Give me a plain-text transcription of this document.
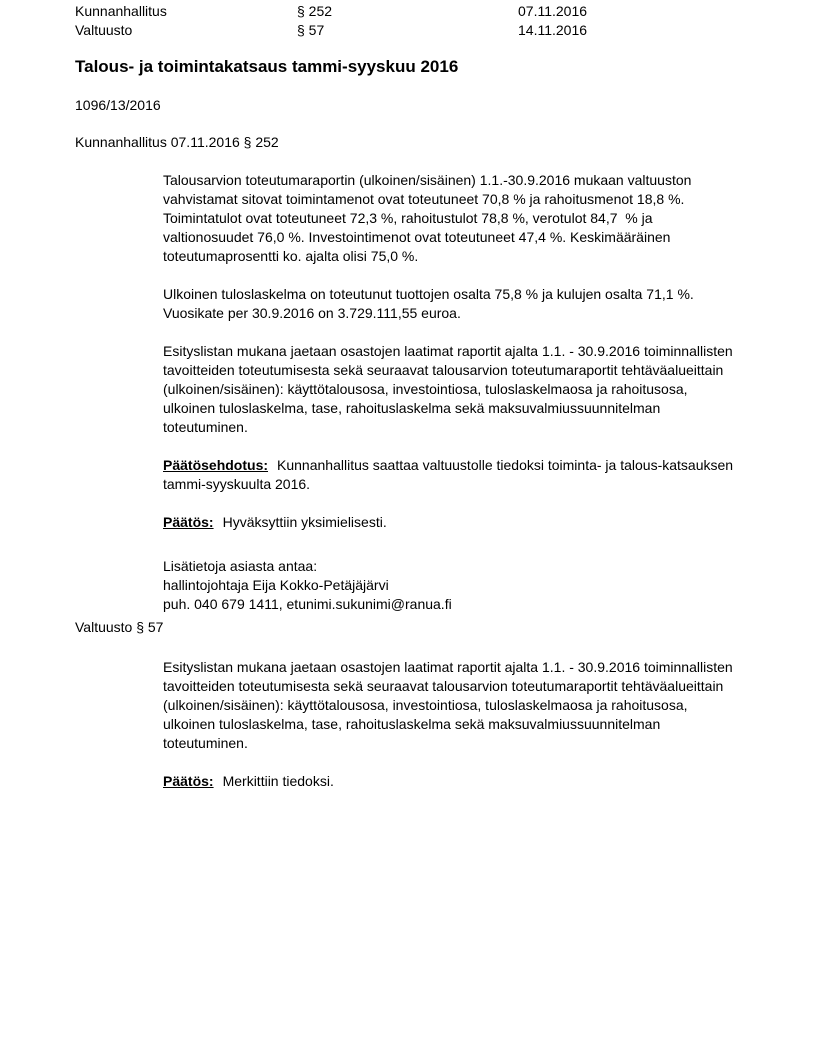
Kunnanhallitus	§ 252	07.11.2016
Valtuusto	§ 57	14.11.2016
Talous- ja toimintakatsaus tammi-syyskuu 2016
1096/13/2016
Kunnanhallitus 07.11.2016 § 252

Talousarvion toteutumaraportin (ulkoinen/sisäinen) 1.1.-30.9.2016 mukaan valtuuston vahvistamat sitovat toimintamenot ovat toteutuneet 70,8 % ja rahoitusmenot 18,8 %. Toimintatulot ovat toteutuneet 72,3 %, rahoitustulot 78,8 %, verotulot 84,7  % ja valtionosuudet 76,0 %. Investointimenot ovat toteutuneet 47,4 %. Keskimääräinen toteutumaprosentti ko. ajalta olisi 75,0 %.

Ulkoinen tuloslaskelma on toteutunut tuottojen osalta 75,8 % ja kulujen osalta 71,1 %. Vuosikate per 30.9.2016 on 3.729.111,55 euroa.

Esityslistan mukana jaetaan osastojen laatimat raportit ajalta 1.1. - 30.9.2016 toiminnallisten tavoitteiden toteutumisesta sekä seuraavat talousarvion toteutumaraportit tehtäväalueittain (ulkoinen/sisäinen): käyttötalousosa, investointiosa, tuloslaskelmaosa ja rahoitusosa, ulkoinen tuloslaskelma, tase, rahoituslaskelma sekä maksuvalmiussuunnitelman toteutuminen.

Päätösehdotus: Kunnanhallitus saattaa valtuustolle tiedoksi toiminta- ja talous-katsauksen tammi-syyskuulta 2016.

Päätös: Hyväksyttiin yksimielisesti.

Lisätietoja asiasta antaa:
hallintojohtaja Eija Kokko-Petäjäjärvi
puh. 040 679 1411, etunimi.sukunimi@ranua.fi
Valtuusto § 57

Esityslistan mukana jaetaan osastojen laatimat raportit ajalta 1.1. - 30.9.2016 toiminnallisten tavoitteiden toteutumisesta sekä seuraavat talousarvion toteutumaraportit tehtäväalueittain (ulkoinen/sisäinen): käyttötalousosa, investointiosa, tuloslaskelmaosa ja rahoitusosa, ulkoinen tuloslaskelma, tase, rahoituslaskelma sekä maksuvalmiussuunnitelman toteutuminen.

Päätös: Merkittiin tiedoksi.
